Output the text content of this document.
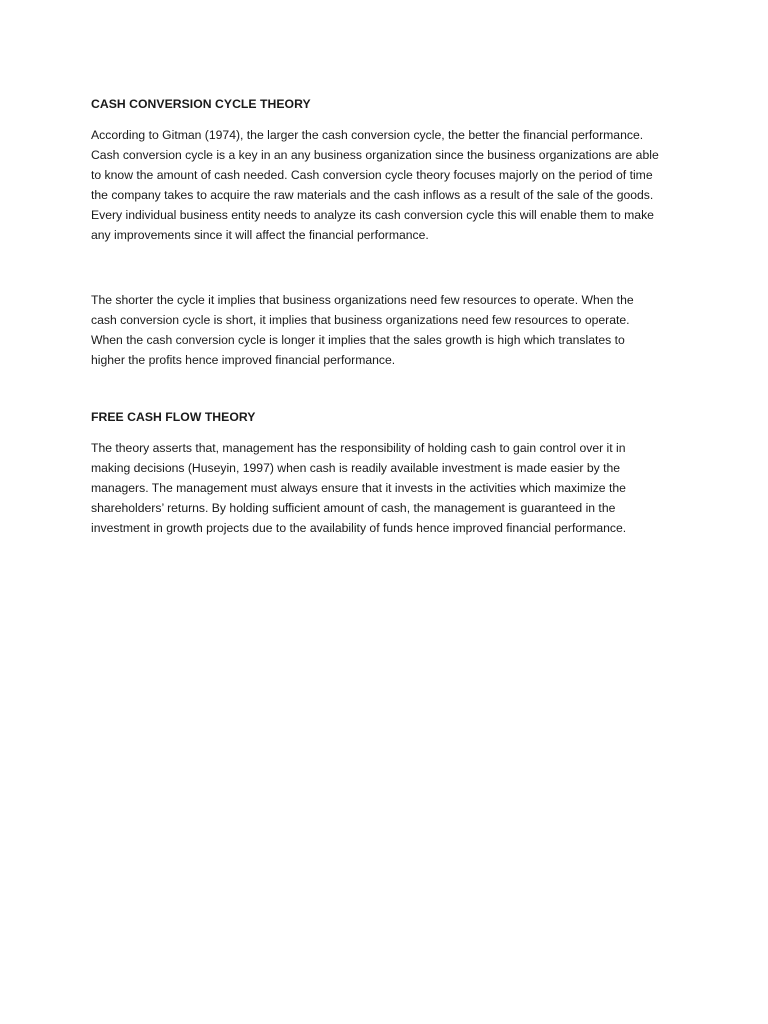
CASH CONVERSION CYCLE THEORY

According to Gitman (1974), the larger the cash conversion cycle, the better the financial performance.
Cash conversion cycle is a key in an any business organization since the business organizations are able
to know the amount of cash needed. Cash conversion cycle theory focuses majorly on the period of time
the company takes to acquire the raw materials and the cash inflows as a result of the sale of the goods.
Every individual business entity needs to analyze its cash conversion cycle this will enable them to make
any improvements since it will affect the financial performance.

The shorter the cycle it implies that business organizations need few resources to operate. When the
cash conversion cycle is short, it implies that business organizations need few resources to operate.
When the cash conversion cycle is longer it implies that the sales growth is high which translates to
higher the profits hence improved financial performance.

FREE CASH FLOW THEORY

The theory asserts that, management has the responsibility of holding cash to gain control over it in
making decisions (Huseyin, 1997) when cash is readily available investment is made easier by the
managers. The management must always ensure that it invests in the activities which maximize the
shareholders’ returns. By holding sufficient amount of cash, the management is guaranteed in the
investment in growth projects due to the availability of funds hence improved financial performance.
